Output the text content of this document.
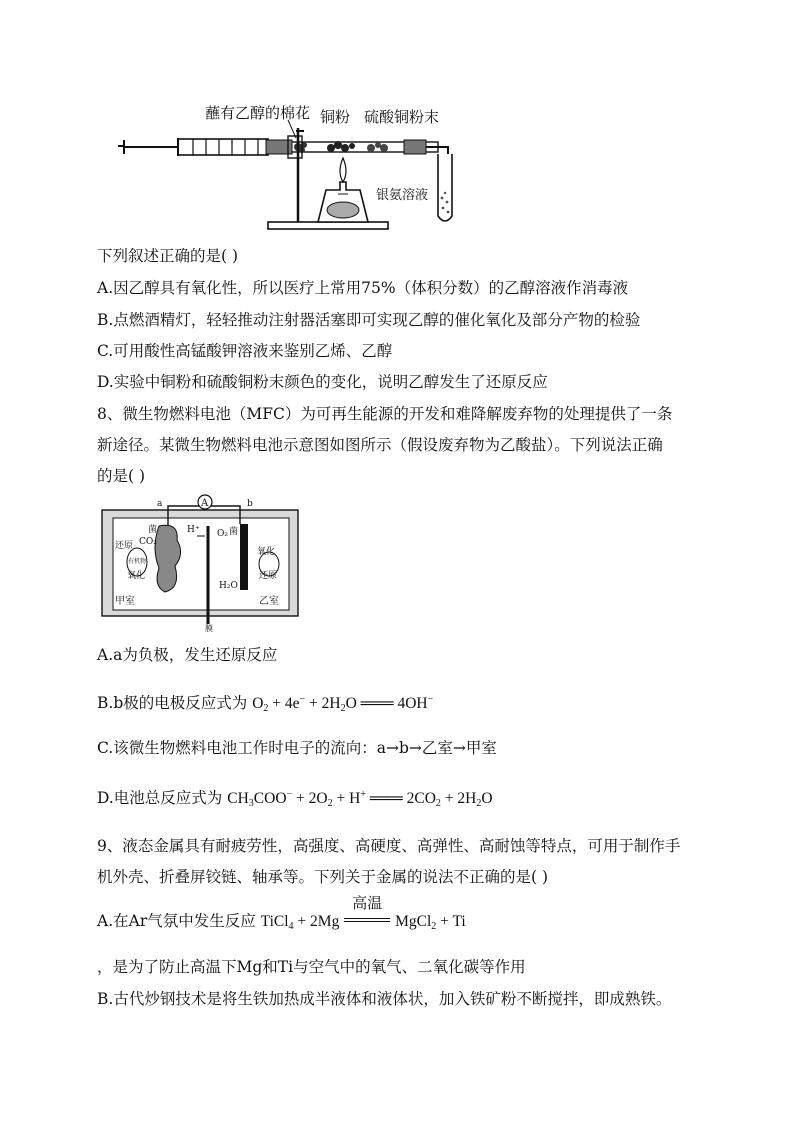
蘸有乙醇的棉花 铜粉 硫酸铜粉末
银氨溶液
下列叙述正确的是( )
A.因乙醇具有氧化性，所以医疗上常用75%（体积分数）的乙醇溶液作消毒液
B.点燃酒精灯，轻轻推动注射器活塞即可实现乙醇的催化氧化及部分产物的检验
C.可用酸性高锰酸钾溶液来鉴别乙烯、乙醇
D.实验中铜粉和硫酸铜粉末颜色的变化，说明乙醇发生了还原反应
8、微生物燃料电池（MFC）为可再生能源的开发和难降解废弃物的处理提供了一条
新途径。某微生物燃料电池示意图如图所示（假设废弃物为乙酸盐）。下列说法正确
的是( )
A
a	b
菌
CO₂
还原
有机物
氧化
H⁺ O₂ 菌
氧化
还原
H₂O
甲室	乙室
膜
A.a为负极，发生还原反应
B.b极的电极反应式为 $O_2 + 4e^- + 2H_2O$ ═══ 4OH−
C.该微生物燃料电池工作时电子的流向：a→b→乙室→甲室
D.电池总反应式为 $CH_3COO^- + 2O_2 + H^+$ ═══ $2CO_2 + 2H_2O$
9、液态金属具有耐疲劳性，高强度、高硬度、高弹性、高耐蚀等特点，可用于制作手
机外壳、折叠屏铰链、轴承等。下列关于金属的说法不正确的是( )
A.在Ar气氛中发生反应 TiCl$_4$ + 2Mg
高温
MgCl$_2$ + Ti
，是为了防止高温下Mg和Ti与空气中的氧气、二氧化碳等作用
B.古代炒钢技术是将生铁加热成半液体和液体状，加入铁矿粉不断搅拌，即成熟铁。
